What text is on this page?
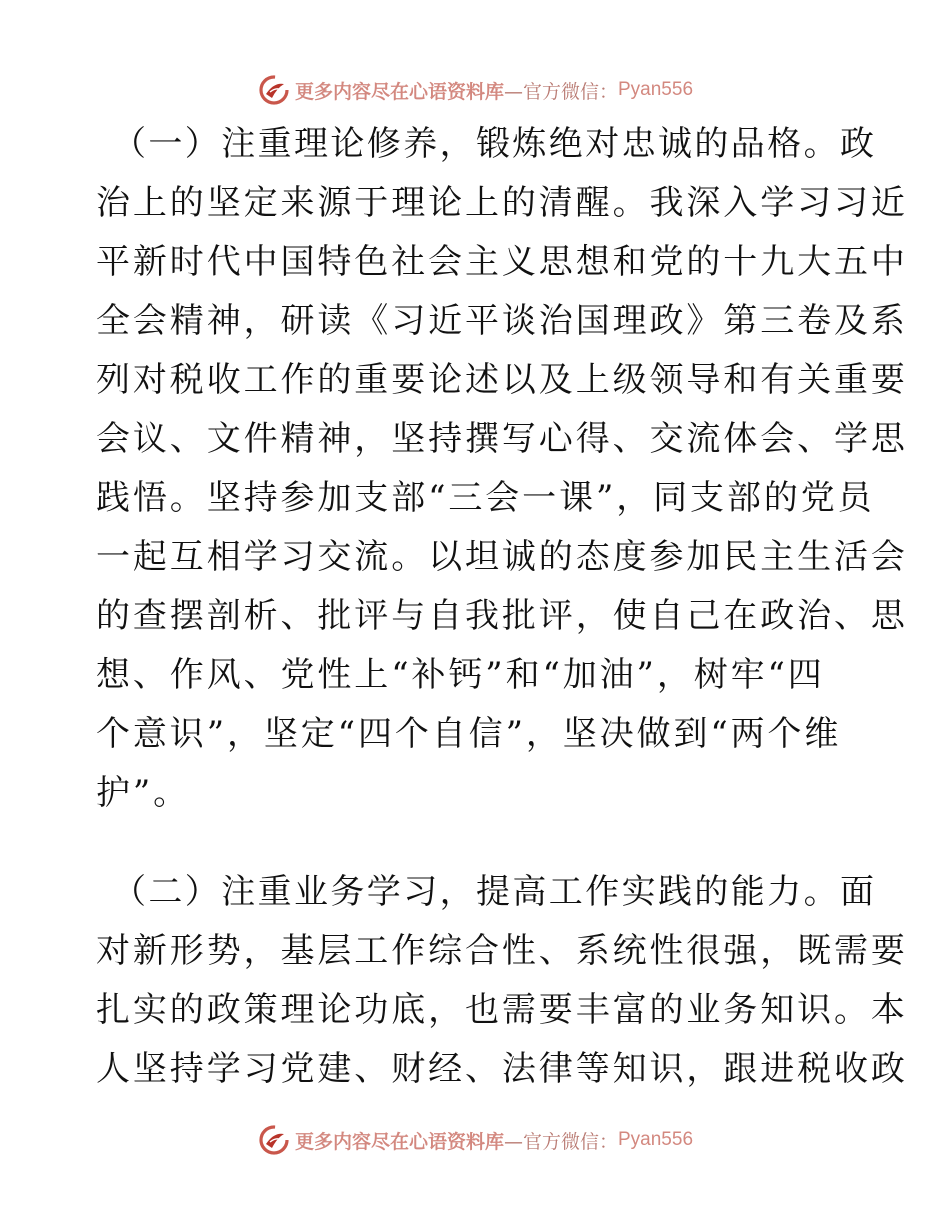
更多内容尽在心语资料库 —官方微信： Pyan556
（一）注重理论修养，锻炼绝对忠诚的品格。政
治上的坚定来源于理论上的清醒。我深入学习习近
平新时代中国特色社会主义思想和党的十九大五中
全会精神，研读《习近平谈治国理政》第三卷及系
列对税收工作的重要论述以及上级领导和有关重要
会议、文件精神，坚持撰写心得、交流体会、学思
践悟。坚持参加支部“三会一课”，同支部的党员
一起互相学习交流。以坦诚的态度参加民主生活会
的查摆剖析、批评与自我批评，使自己在政治、思
想、作风、党性上“补钙”和“加油”，树牢“四
个意识”，坚定“四个自信”，坚决做到“两个维
护”。
（二）注重业务学习，提高工作实践的能力。面
对新形势，基层工作综合性、系统性很强，既需要
扎实的政策理论功底，也需要丰富的业务知识。本
人坚持学习党建、财经、法律等知识，跟进税收政
更多内容尽在心语资料库 —官方微信： Pyan556
